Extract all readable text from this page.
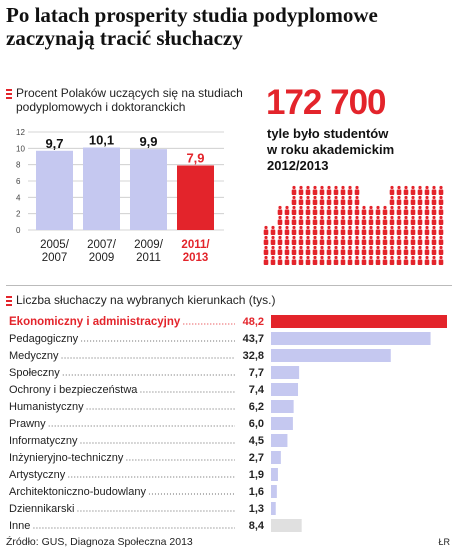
Po latach prosperity studia podyplomowe zaczynają tracić słuchaczy
Procent Polaków uczących się na studiach podyplomowych i doktoranckich
0
2
4
6
8
10
12
9,7
2005/
2007
10,1
2007/
2009
9,9
2009/
2011
7,9
2011/
2013
172 700
tyle było studentów
w roku akademickim
2012/2013
Liczba słuchaczy na wybranych kierunkach (tys.)
Ekonomiczny i administracyjny	48,2
Pedagogiczny	43,7
Medyczny	32,8
Społeczny	7,7
Ochrony i bezpieczeństwa	7,4
Humanistyczny	6,2
Prawny	6,0
Informatyczny	4,5
Inżynieryjno-techniczny	2,7
Artystyczny	1,9
Architektoniczno-budowlany	1,6
Dziennikarski	1,3
Inne	8,4
Źródło: GUS, Diagnoza Społeczna 2013	ŁR
